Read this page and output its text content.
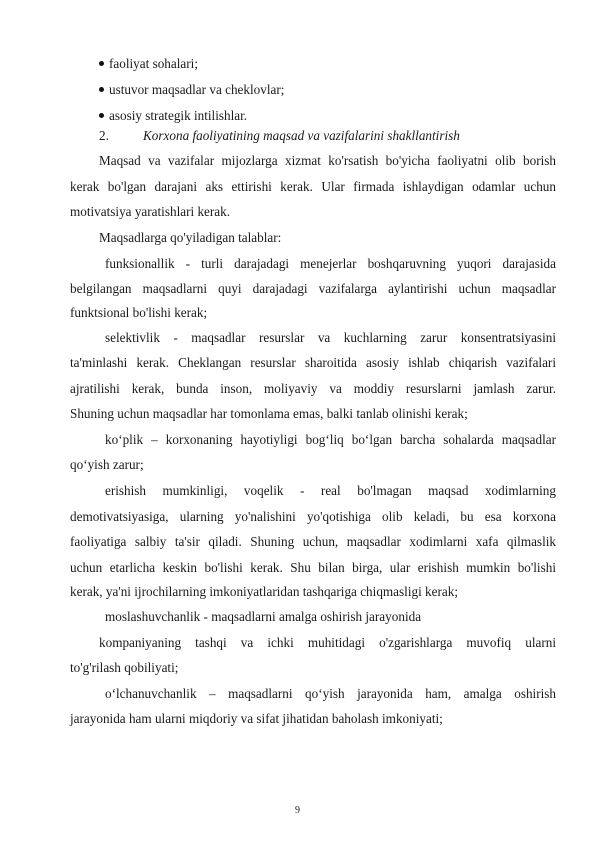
faoliyat sohalari;
ustuvor maqsadlar va cheklovlar;
asosiy strategik intilishlar.
2.	Korxona faoliyatining maqsad va vazifalarini shakllantirish
Maqsad va vazifalar mijozlarga xizmat ko'rsatish bo'yicha faoliyatni olib borish
kerak bo'lgan darajani aks ettirishi kerak. Ular firmada ishlaydigan odamlar uchun
motivatsiya yaratishlari kerak.
Maqsadlarga qo'yiladigan talablar:
funksionallik - turli darajadagi menejerlar boshqaruvning yuqori darajasida
belgilangan maqsadlarni quyi darajadagi vazifalarga aylantirishi uchun maqsadlar
funktsional bo'lishi kerak;
selektivlik - maqsadlar resurslar va kuchlarning zarur konsentratsiyasini
ta'minlashi kerak. Cheklangan resurslar sharoitida asosiy ishlab chiqarish vazifalari
ajratilishi kerak, bunda inson, moliyaviy va moddiy resurslarni jamlash zarur.
Shuning uchun maqsadlar har tomonlama emas, balki tanlab olinishi kerak;
ko‘plik – korxonaning hayotiyligi bog‘liq bo‘lgan barcha sohalarda maqsadlar
qo‘yish zarur;
erishish mumkinligi, voqelik - real bo'lmagan maqsad xodimlarning
demotivatsiyasiga, ularning yo'nalishini yo'qotishiga olib keladi, bu esa korxona
faoliyatiga salbiy ta'sir qiladi. Shuning uchun, maqsadlar xodimlarni xafa qilmaslik
uchun etarlicha keskin bo'lishi kerak. Shu bilan birga, ular erishish mumkin bo'lishi
kerak, ya'ni ijrochilarning imkoniyatlaridan tashqariga chiqmasligi kerak;
moslashuvchanlik - maqsadlarni amalga oshirish jarayonida
kompaniyaning tashqi va ichki muhitidagi o'zgarishlarga muvofiq ularni
to'g'rilash qobiliyati;
o‘lchanuvchanlik – maqsadlarni qo‘yish jarayonida ham, amalga oshirish
jarayonida ham ularni miqdoriy va sifat jihatidan baholash imkoniyati;
9
